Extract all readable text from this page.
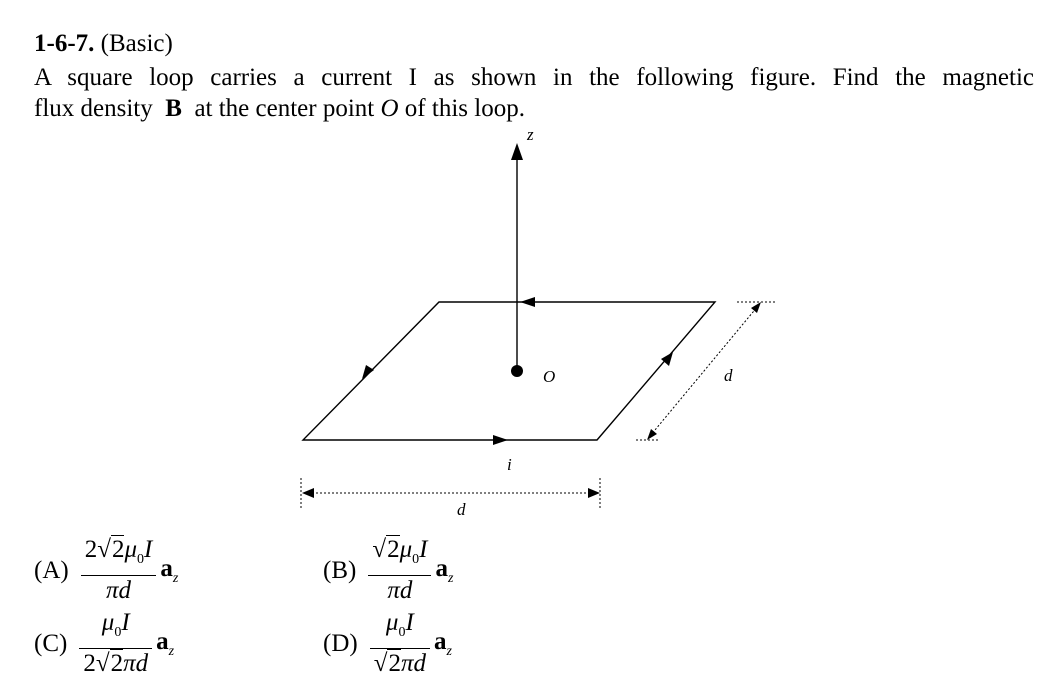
1-6-7. (Basic)
A square loop carries a current I as shown in the following figure. Find the magnetic
flux density B at the center point O of this loop.
z
O
i
d
d
$(A) \frac{2√2\mu_0I}{\pi d} a_z$	$(B) \frac{√2\mu_0I}{\pi d} a_z$
$(C) \frac{\mu_0I}{2√2\pi d} a_z$	$(D) \frac{\mu_0I}{√2\pi d} a_z$
